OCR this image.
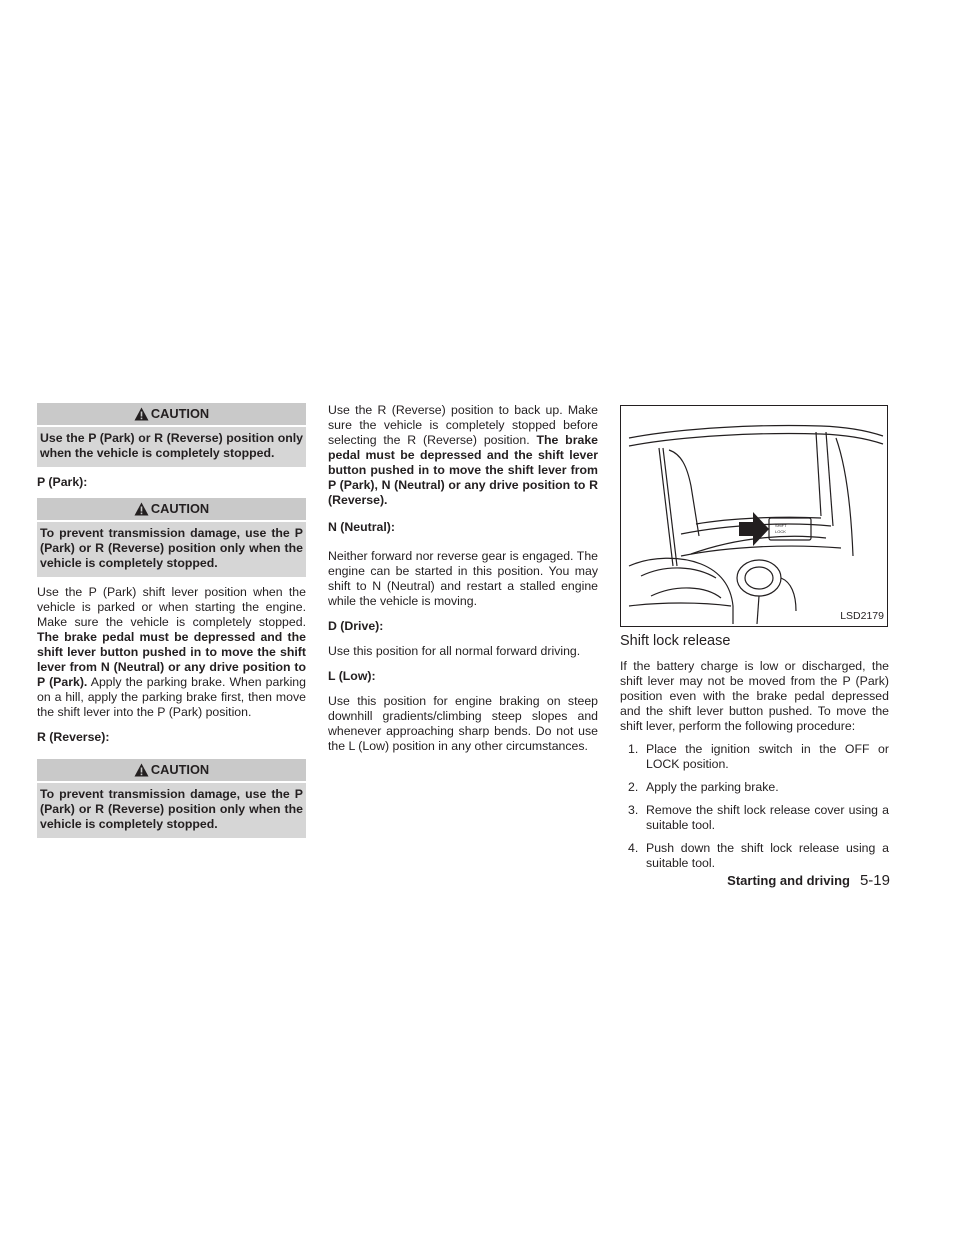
CAUTION
Use the P (Park) or R (Reverse) position only when the vehicle is completely stopped.
P (Park):
CAUTION
To prevent transmission damage, use the P (Park) or R (Reverse) position only when the vehicle is completely stopped.

Use the P (Park) shift lever position when the vehicle is parked or when starting the engine. Make sure the vehicle is completely stopped. The brake pedal must be depressed and the shift lever button pushed in to move the shift lever from N (Neutral) or any drive position to P (Park). Apply the parking brake. When parking on a hill, apply the parking brake first, then move the shift lever into the P (Park) position.

R (Reverse):
CAUTION
To prevent transmission damage, use the P (Park) or R (Reverse) position only when the vehicle is completely stopped.

Use the R (Reverse) position to back up. Make sure the vehicle is completely stopped before selecting the R (Reverse) position. The brake pedal must be depressed and the shift lever button pushed in to move the shift lever from P (Park), N (Neutral) or any drive position to R (Reverse).

N (Neutral):

Neither forward nor reverse gear is engaged. The engine can be started in this position. You may shift to N (Neutral) and restart a stalled engine while the vehicle is moving.

D (Drive):

Use this position for all normal forward driving.

L (Low):

Use this position for engine braking on steep downhill gradients/climbing steep slopes and whenever approaching sharp bends. Do not use the L (Low) position in any other circumstances.

SHIFT
LOCK
LSD2179
Shift lock release

If the battery charge is low or discharged, the shift lever may not be moved from the P (Park) position even with the brake pedal depressed and the shift lever button pushed. To move the shift lever, perform the following procedure:

1. Place the ignition switch in the OFF or LOCK position.
2. Apply the parking brake.
3. Remove the shift lock release cover using a suitable tool.
4. Push down the shift lock release using a suitable tool.
Starting and driving 5-19
